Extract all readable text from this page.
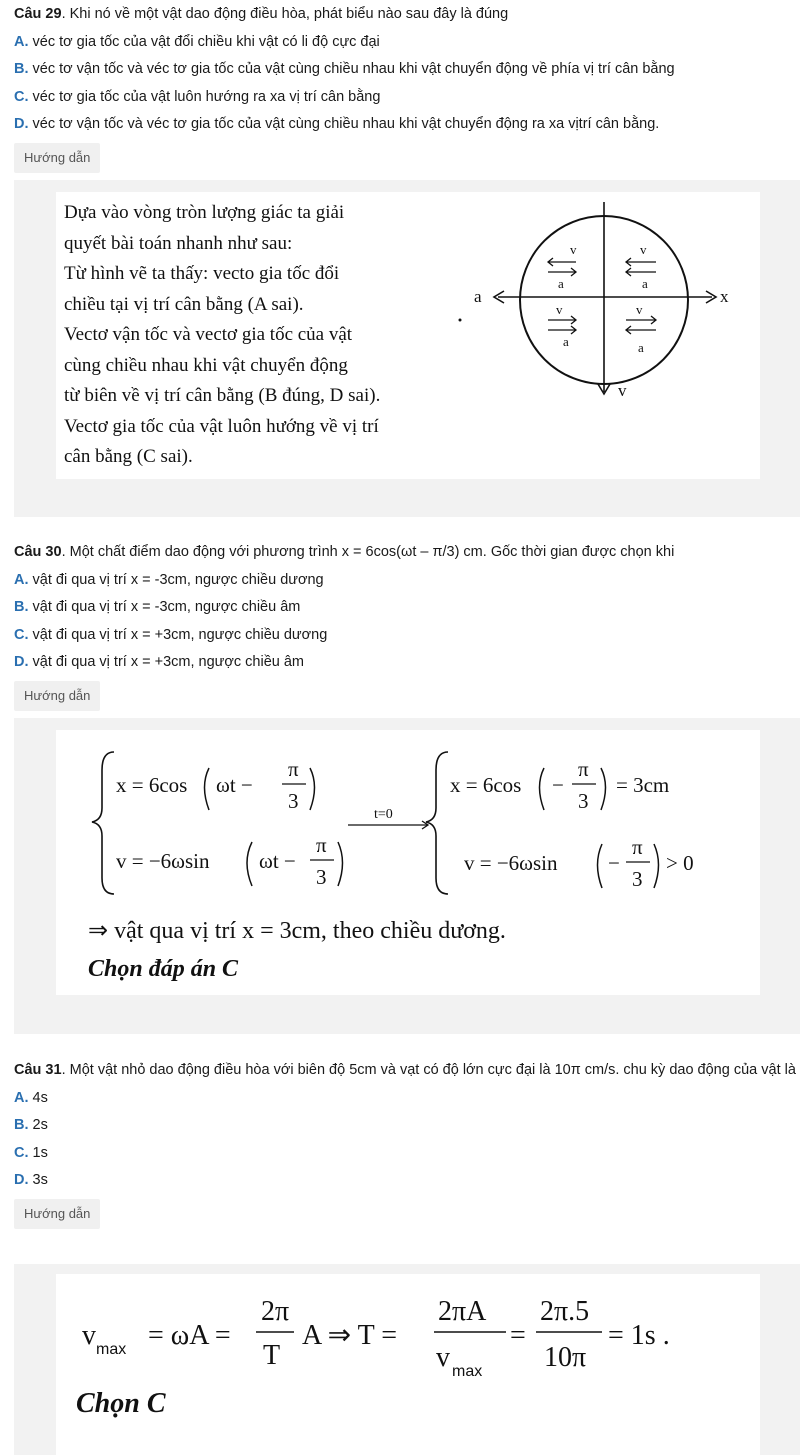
Câu 29. Khi nó về một vật dao động điều hòa, phát biểu nào sau đây là đúng

A. véc tơ gia tốc của vật đổi chiều khi vật có li độ cực đại

B. véc tơ vận tốc và véc tơ gia tốc của vật cùng chiều nhau khi vật chuyển động về phía vị trí cân bằng

C. véc tơ gia tốc của vật luôn hướng ra xa vị trí cân bằng

D. véc tơ vận tốc và véc tơ gia tốc của vật cùng chiều nhau khi vật chuyển động ra xa vịtrí cân bằng.

Hướng dẫn

Dựa vào vòng tròn lượng giác ta giải

quyết bài toán nhanh như sau:

Từ hình vẽ ta thấy: vecto gia tốc đổi

chiều tại vị trí cân bằng (A sai).

Vectơ vận tốc và vectơ gia tốc của vật

cùng chiều nhau khi vật chuyển động

từ biên về vị trí cân bằng (B đúng, D sai).

Vectơ gia tốc của vật luôn hướng về vị trí

cân bằng (C sai).

v	v
a	a
v	v
a	a
a	x
v

Câu 30. Một chất điểm dao động với phương trình x = 6cos(ωt – π/3) cm. Gốc thời gian được chọn khi

A. vật đi qua vị trí x = -3cm, ngược chiều dương

B. vật đi qua vị trí x = -3cm, ngược chiều âm

C. vật đi qua vị trí x = +3cm, ngược chiều dương

D. vật đi qua vị trí x = +3cm, ngược chiều âm

Hướng dẫn
x = 6cos ωt −
π
3
v = −6ωsin ωt −
π
3
t=0
x = 6cos −
π
3
= 3cm
v = −6ωsin −
π
3
> 0
⇒ vật qua vị trí x = 3cm, theo chiều dương.
Chọn đáp án C

Câu 31. Một vật nhỏ dao động điều hòa với biên độ 5cm và vạt có độ lớn cực đại là 10π cm/s. chu kỳ dao động của vật là

A. 4s

B. 2s

C. 1s

D. 3s

Hướng dẫn
v max = ωA =
2π
T
A ⇒ T =
2πA
v max
=
2π.5
10π
= 1s .
Chọn C
